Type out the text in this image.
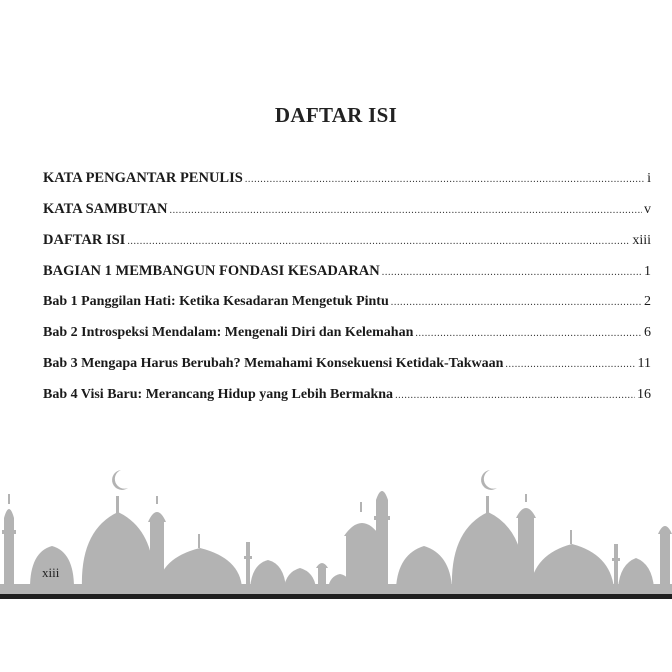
DAFTAR ISI
KATA PENGANTAR PENULIS .....	i
KATA SAMBUTAN .....	v
DAFTAR ISI .....	xiii
BAGIAN 1 MEMBANGUN FONDASI KESADARAN .....	1
Bab 1 Panggilan Hati: Ketika Kesadaran Mengetuk Pintu .....	2
Bab 2 Introspeksi Mendalam: Mengenali Diri dan Kelemahan .....	6
Bab 3 Mengapa Harus Berubah? Memahami Konsekuensi Ketidak-Takwaan .....	11
Bab 4 Visi Baru: Merancang Hidup yang Lebih Bermakna .....	16
xiii
